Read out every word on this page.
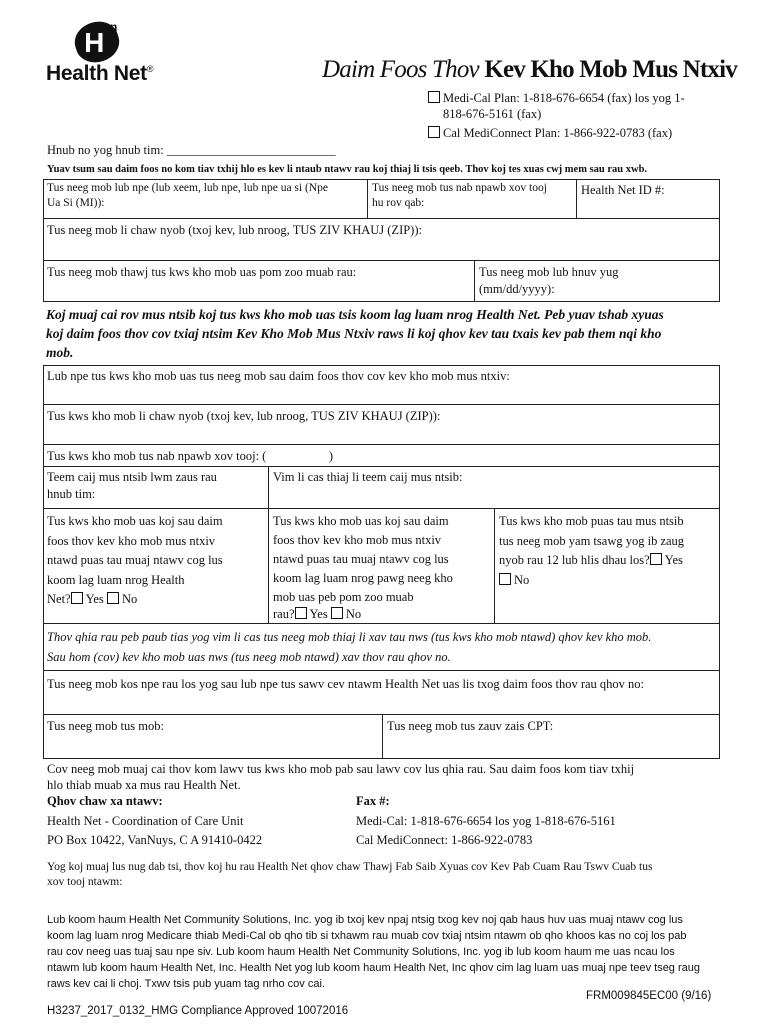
H n
Health Net®	Daim Foos Thov Kev Kho Mob Mus Ntxiv
Medi-Cal Plan: 1-818-676-6654 (fax) los yog 1-
818-676-5161 (fax)
Cal MediConnect Plan: 1-866-922-0783 (fax)
Hnub no yog hnub tim: ___________________________
Yuav tsum sau daim foos no kom tiav txhij hlo es kev li ntaub ntawv rau koj thiaj li tsis qeeb. Thov koj tes xuas cwj mem sau rau xwb.
Tus neeg mob lub npe (lub xeem, lub npe, lub npe ua si (Npe
Ua Si (MI)):
Tus neeg mob tus nab npawb xov tooj
hu rov qab:
Health Net ID #:
Tus neeg mob li chaw nyob (txoj kev, lub nroog, TUS ZIV KHAUJ (ZIP)):
Tus neeg mob thawj tus kws kho mob uas pom zoo muab rau:	Tus neeg mob lub hnuv yug
(mm/dd/yyyy):
Koj muaj cai rov mus ntsib koj tus kws kho mob uas tsis koom lag luam nrog Health Net. Peb yuav tshab xyuas
koj daim foos thov cov txiaj ntsim Kev Kho Mob Mus Ntxiv raws li koj qhov kev tau txais kev pab them nqi kho
mob.
Lub npe tus kws kho mob uas tus neeg mob sau daim foos thov cov kev kho mob mus ntxiv:
Tus kws kho mob li chaw nyob (txoj kev, lub nroog, TUS ZIV KHAUJ (ZIP)):
Tus kws kho mob tus nab npawb xov tooj: (                    )
Teem caij mus ntsib lwm zaus rau
hnub tim:
Vim li cas thiaj li teem caij mus ntsib:
Tus kws kho mob uas koj sau daim
foos thov kev kho mob mus ntxiv
ntawd puas tau muaj ntawv cog lus
koom lag luam nrog Health
Net? Yes No
Tus kws kho mob uas koj sau daim
foos thov kev kho mob mus ntxiv
ntawd puas tau muaj ntawv cog lus
koom lag luam nrog pawg neeg kho
mob uas peb pom zoo muab
rau? Yes No
Tus kws kho mob puas tau mus ntsib
tus neeg mob yam tsawg yog ib zaug
nyob rau 12 lub hlis dhau los? Yes
No
Thov qhia rau peb paub tias yog vim li cas tus neeg mob thiaj li xav tau nws (tus kws kho mob ntawd) qhov kev kho mob.
Sau hom (cov) kev kho mob uas nws (tus neeg mob ntawd) xav thov rau qhov no.
Tus neeg mob kos npe rau los yog sau lub npe tus sawv cev ntawm Health Net uas lis txog daim foos thov rau qhov no:
Tus neeg mob tus mob:	Tus neeg mob tus zauv zais CPT:
Cov neeg mob muaj cai thov kom lawv tus kws kho mob pab sau lawv cov lus qhia rau. Sau daim foos kom tiav txhij
hlo thiab muab xa mus rau Health Net.
Qhov chaw xa ntawv:
Health Net - Coordination of Care Unit
PO Box 10422, VanNuys, C A 91410-0422
Fax #:
Medi-Cal: 1-818-676-6654 los yog 1-818-676-5161
Cal MediConnect: 1-866-922-0783
Yog koj muaj lus nug dab tsi, thov koj hu rau Health Net qhov chaw Thawj Fab Saib Xyuas cov Kev Pab Cuam Rau Tswv Cuab tus
xov tooj ntawm:
Lub koom haum Health Net Community Solutions, Inc. yog ib txoj kev npaj ntsig txog kev noj qab haus huv uas muaj ntawv cog lus
koom lag luam nrog Medicare thiab Medi-Cal ob qho tib si txhawm rau muab cov txiaj ntsim ntawm ob qho khoos kas no coj los pab
rau cov neeg uas tuaj sau npe siv. Lub koom haum Health Net Community Solutions, Inc. yog ib lub koom haum me uas ncau los
ntawm lub koom haum Health Net, Inc. Health Net yog lub koom haum Health Net, Inc qhov cim lag luam uas muaj npe teev tseg raug
raws kev cai li choj. Txwv tsis pub yuam tag nrho cov cai.
FRM009845EC00 (9/16)
H3237_2017_0132_HMG Compliance Approved 10072016
